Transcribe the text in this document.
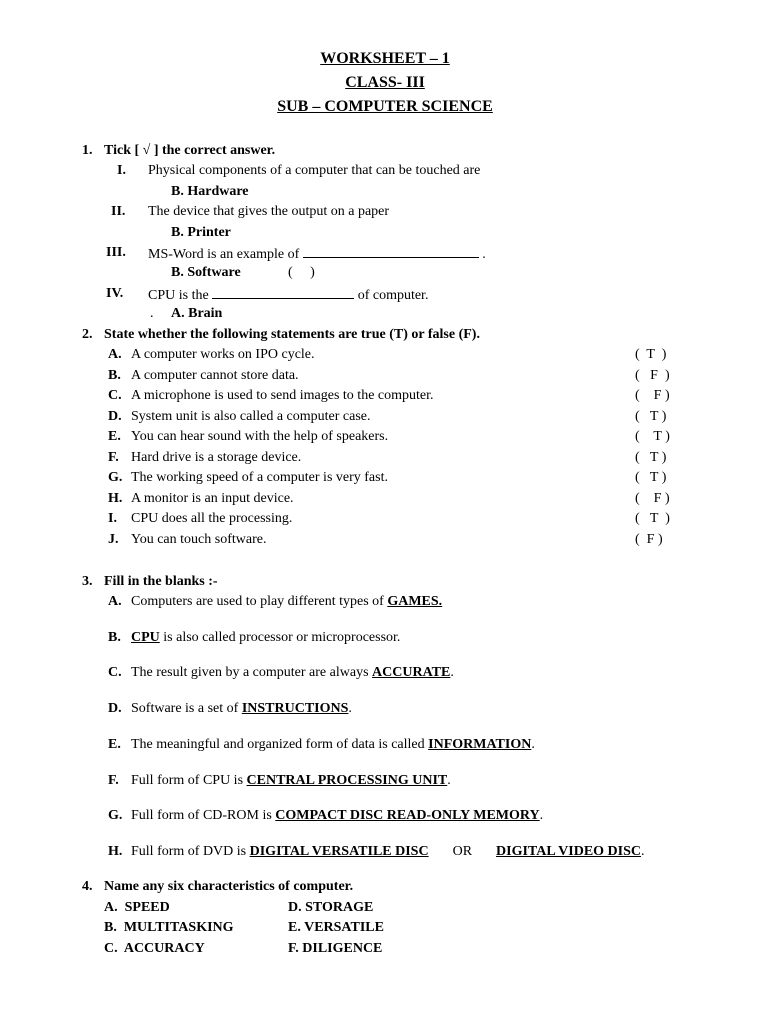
WORKSHEET – 1
CLASS- III
SUB – COMPUTER SCIENCE
1. Tick [ √ ] the correct answer.
I. Physical components of a computer that can be touched are
B. Hardware
II. The device that gives the output on a paper
B. Printer
III. MS-Word is an example of	.
B. Software	(     )
IV. CPU is the	of computer.
. A. Brain
2. State whether the following statements are true (T) or false (F).
A. A computer works on IPO cycle.	(  T  )
B. A computer cannot store data.	(   F  )
C. A microphone is used to send images to the computer.	(    F )
D. System unit is also called a computer case.	(   T )
E. You can hear sound with the help of speakers.	(    T )
F. Hard drive is a storage device.	(   T )
G. The working speed of a computer is very fast.	(   T )
H. A monitor is an input device.	(    F )
I. CPU does all the processing.	(   T  )
J. You can touch software.	(  F )
3. Fill in the blanks :-
A. Computers are used to play different types of GAMES.
B. CPU is also called processor or microprocessor.
C. The result given by a computer are always ACCURATE.
D. Software is a set of INSTRUCTIONS.
E. The meaningful and organized form of data is called INFORMATION.
F. Full form of CPU is CENTRAL PROCESSING UNIT.
G. Full form of CD-ROM is COMPACT DISC READ-ONLY MEMORY.
H. Full form of DVD is DIGITAL VERSATILE DISC OR DIGITAL VIDEO DISC.
4. Name any six characteristics of computer.
A.  SPEED
B.  MULTITASKING
C.  ACCURACY
D. STORAGE
E. VERSATILE
F. DILIGENCE
